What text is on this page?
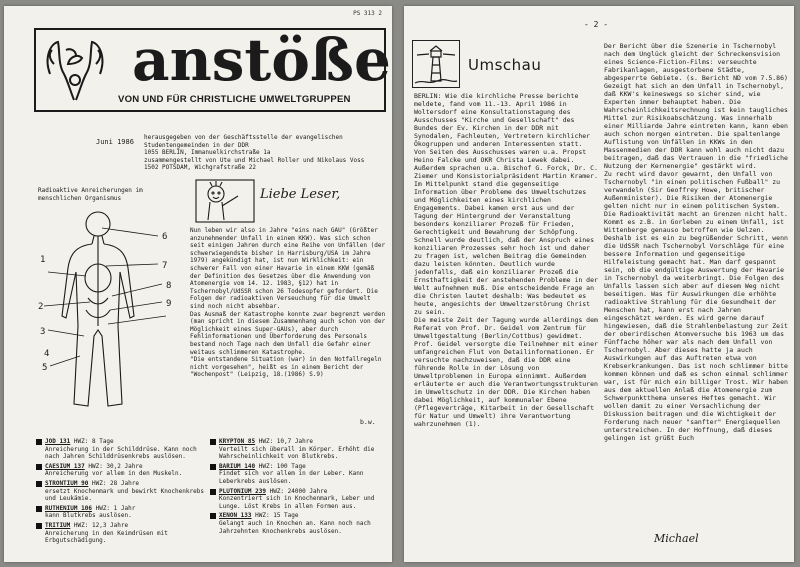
PS 313 2
anstöße
VON UND FÜR CHRISTLICHE UMWELTGRUPPEN
Juni 1986
herausgegeben von der Geschäftsstelle der evangelischen Studentengemeinden in der DDR
1055 BERLIN, Immanuelkirchstraße 1a
zusammengestellt von Ute und Michael Roller und Nikolaus Voss
1502 POTSDAM, Wichgrafstraße 22
Radioaktive Anreicherungen im menschlichen Organismus
6
7
8
9
1
2
3
4
5
Liebe Leser,
Nun leben wir also in Jahre "eins nach GAU" (Größter anzunehmender Unfall in einem KKW). Was sich schon seit einigen Jahren durch eine Reihe von Unfällen (der schwerwiegendste bisher in Harrisburg/USA im Jahre 1979) angekündigt hat, ist nun Wirklichkeit: ein schwerer Fall von einer Havarie in einem KKW (gemäß der Definition des Gesetzes über die Anwendung von Atomenergie vom 14. 12. 1983, §12) hat in Tschernobyl/UdSSR schon 26 Todesopfer gefordert. Die Folgen der radioaktiven Verseuchung für die Umwelt sind noch nicht absehbar.
Das Ausmaß der Katastrophe konnte zwar begrenzt werden (man spricht in diesem Zusammenhang auch schon von der Möglichkeit eines Super-GAUs), aber durch Fehlinformationen und Überforderung des Personals bestand noch Tage nach dem Unfall die Gefahr einer weitaus schlimmeren Katastrophe.
"Die entstandene Situation (war) in den Notfallregeln nicht vorgesehen", heißt es in einem Bericht der "Wochenpost" (Leipzig, 18.(1986) S.9)
b.w.
JOD 131 HWZ: 8 Tage
Anreicherung in der Schilddrüse. Kann noch nach Jahren Schilddrüsenkrebs auslösen.
CAESIUM 137 HWZ: 30,2 Jahre
Anreicherung vor allem in den Muskeln.
STRONTIUM 90 HWZ: 28 Jahre
ersetzt Knochenmark und bewirkt Knochenkrebs und Leukämie.
RUTHENIUM 106 HWZ: 1 Jahr
kann Blutkrebs auslösen.
TRITIUM HWZ: 12,3 Jahre
Anreicherung in den Keimdrüsen mit Erbgutschädigung.
KRYPTON 85 HWZ: 10,7 Jahre
Verteilt sich überall im Körper. Erhöht die Wahrscheinlichkeit von Blutkrebs.
BARIUM 140 HWZ: 100 Tage
Findet sich vor allem in der Leber. Kann Leberkrebs auslösen.
PLUTONIUM 239 HWZ: 24000 Jahre
Konzentriert sich in Knochenmark, Leber und Lunge. Löst Krebs in allen Formen aus.
XENON 133 HWZ: 15 Tage
Gelangt auch in Knochen an. Kann noch nach Jahrzehnten Knochenkrebs auslösen.
- 2 -
Umschau
BERLIN: Wie die kirchliche Presse berichte meldete, fand vom 11.-13. April 1986 in Woltersdorf eine Konsultationstagung des Ausschusses "Kirche und Gesellschaft" des Bundes der Ev. Kirchen in der DDR mit Synodalen, Fachleuten, Vertretern kirchlicher Ökogruppen und anderen Interessenten statt.
Von Seiten des Ausschusses waren u.a. Propst Heino Falcke und OKR Christa Lewek dabei. Außerdem sprachen u.a. Bischof G. Forck, Dr. C. Ziemer und Konsistorialpräsident Martin Kramer.
Im Mittelpunkt stand die gegenseitige Information über Probleme des Umweltschutzes und Möglichkeiten eines kirchlichen Engagements. Dabei kamen erst aus und der Tagung der Hintergrund der Veranstaltung besonders konziliarer Prozeß für Frieden, Gerechtigkeit und Bewahrung der Schöpfung. Schnell wurde deutlich, daß der Anspruch eines konziliaren Prozesses sehr hoch ist und daher zu fragen ist, welchen Beitrag die Gemeinden dazu leisten könnten. Deutlich wurde jedenfalls, daß ein konziliarer Prozeß die Ernsthaftigkeit der anstehenden Probleme in der Welt aufnehmen muß. Die entscheidende Frage an die Christen lautet deshalb: Was bedeutet es heute, angesichts der Umweltzerstörung Christ zu sein.
Die meiste Zeit der Tagung wurde allerdings dem Referat von Prof. Dr. Geidel vom Zentrum für Umweltgestaltung (Berlin/Cottbus) gewidmet. Prof. Geidel versorgte die Teilnehmer mit einer umfangreichen Flut von Detailinformationen. Er versuchte nachzuweisen, daß die DDR eine führende Rolle in der Lösung von Umweltproblemen in Europa einnimmt. Außerdem erläuterte er auch die Verantwortungsstrukturen im Umweltschutz in der DDR. Die Kirchen haben dabei Möglichkeit, auf kommunaler Ebene (Pflegeverträge, Kitarbeit in der Gesellschaft für Natur und Umwelt) ihre Verantwortung wahrzunehmen (1).
Der Bericht über die Szenerie in Tschernobyl nach dem Unglück gleicht der Schreckensvision eines Science-Fiction-Films: verseuchte Fabrikanlagen, ausgestorbene Städte, abgesperrte Gebiete. (s. Bericht ND vom 7.5.86) Gezeigt hat sich an dem Unfall in Tschernobyl, daß KKW's keineswegs so sicher sind, wie Experten immer behauptet haben. Die Wahrscheinlichkeitsrechnung ist kein taugliches Mittel zur Risikoabschätzung. Was innerhalb einer Milliarde Jahre eintreten kann, kann eben auch schon morgen eintreten. Die spaltenlange Auflistung von Unfällen in KKWs in den Massenmedien der DDR kann wohl auch nicht dazu beitragen, daß das Vertrauen in die "friedliche Nutzung der Kernenergie" gestärkt wird.
Zu recht wird davor gewarnt, den Unfall von Tschernobyl "in einen politischen Fußball" zu verwandeln (Sir Geoffrey Howe, britischer Außenminister). Die Risiken der Atomenergie gelten nicht nur in einem politischen System. Die Radioaktivität macht an Grenzen nicht halt. Kommt es z.B. in Gorleben zu einem Unfall, ist Wittenberge genauso betroffen wie Uelzen. Deshalb ist es ein zu begrüßender Schritt, wenn die UdSSR nach Tschernobyl Vorschläge für eine bessere Information und gegenseitige Hilfeleistung gemacht hat. Man darf gespannt sein, ob die endgültige Auswertung der Havarie in Tschernobyl da weiterbringt. Die Folgen des Unfalls lassen sich aber auf diesem Weg nicht beseitigen. Was für Auswirkungen die erhöhte radioaktive Strahlung für die Gesundheit der Menschen hat, kann erst nach Jahren eingeschätzt werden. Es wird gerne darauf hingewiesen, daß die Strahlenbelastung zur Zeit der oberirdischen Atomversuche bis 1963 um das Fünffache höher war als nach dem Unfall von Tschernobyl. Aber dieses hatte ja auch Auswirkungen auf das Auftreten etwa von Krebserkrankungen. Das ist noch schlimmer bitte kommen können und daß es schon einmal schlimmer war, ist für mich ein billiger Trost. Wir haben aus dem aktuellen Anlaß die Atomenergie zum Schwerpunktthema unseres Heftes gemacht. Wir wollen damit zu einer Versachlichung der Diskussion beitragen und die Wichtigkeit der Forderung nach neuer "sanfter" Energiequellen unterstreichen. In der Hoffnung, daß dieses gelingen ist grüßt Euch
Michael
